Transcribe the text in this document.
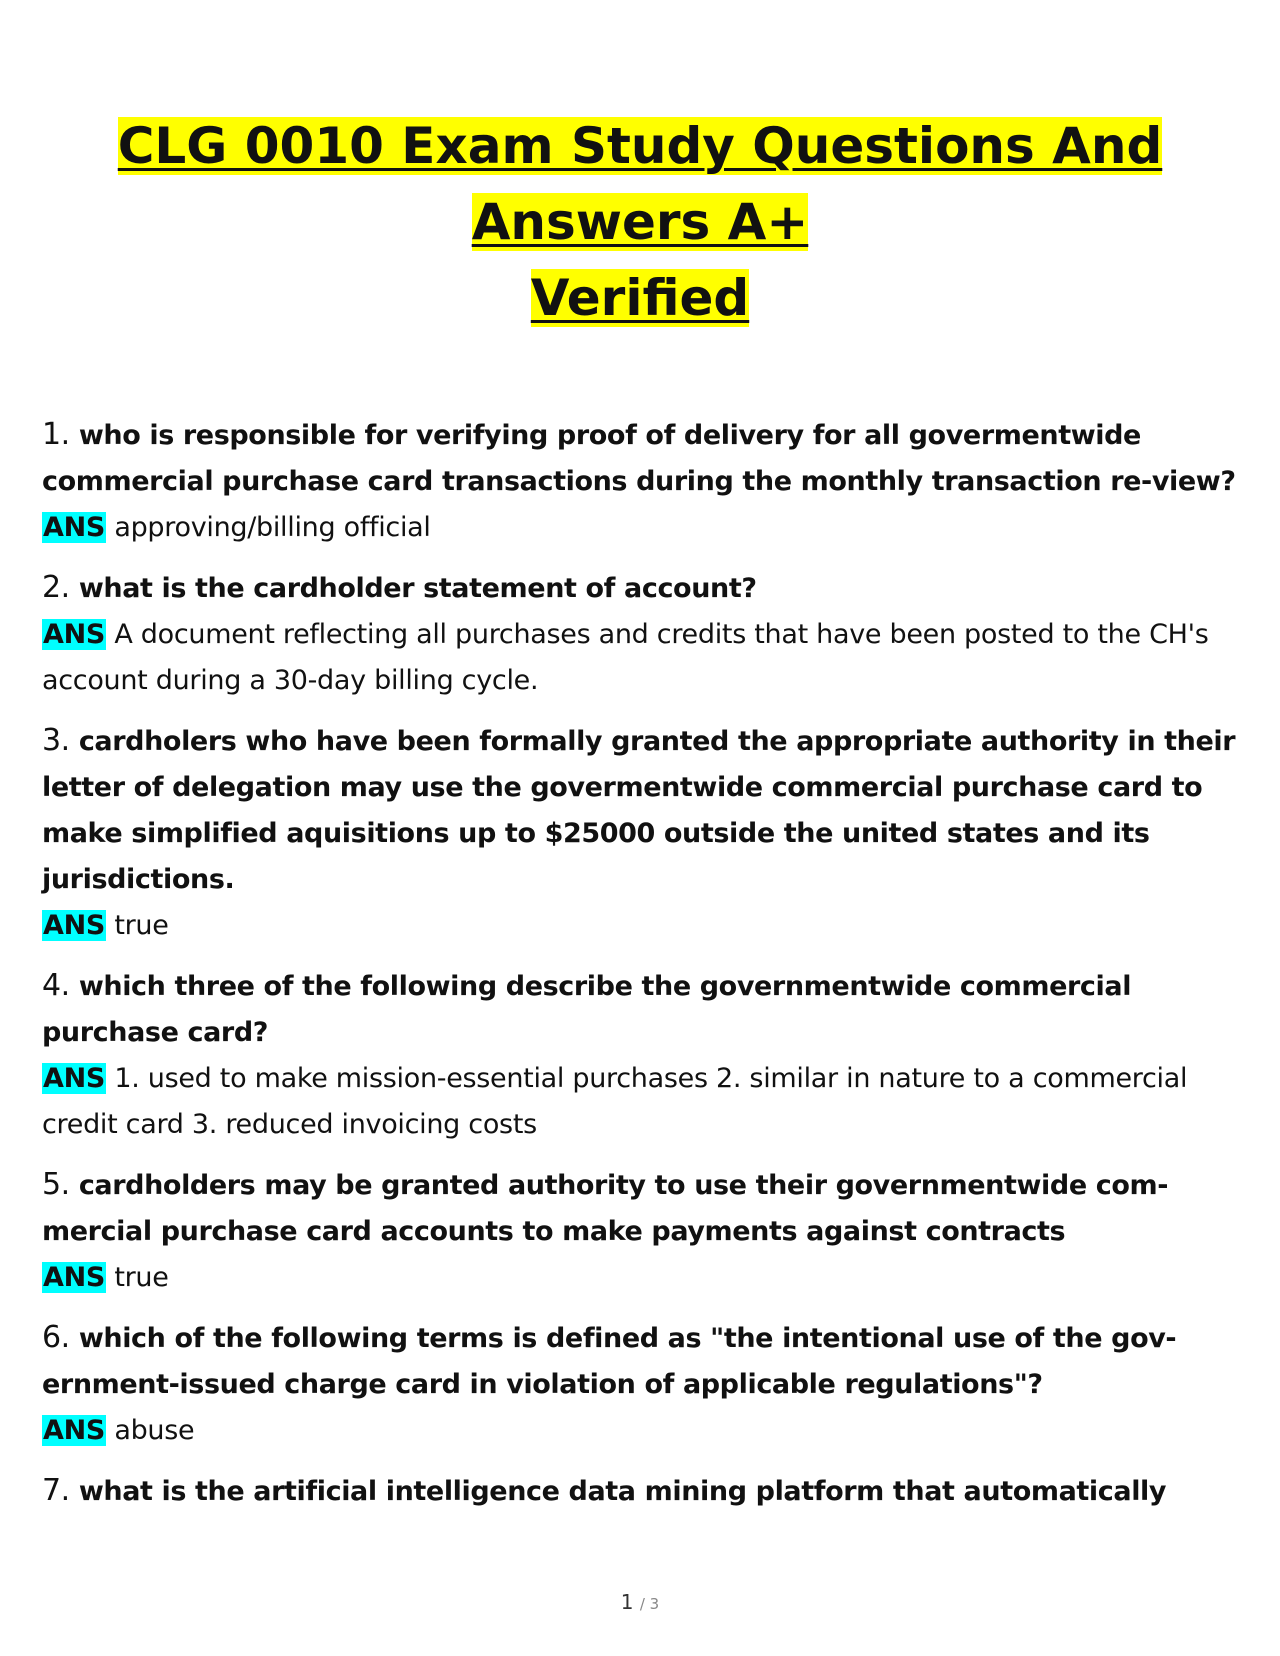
CLG 0010 Exam Study Questions And Answers A+
Verified
1. who is responsible for verifying proof of delivery for all govermentwide commercial purchase card transactions during the monthly transaction re-view?
ANS approving/billing official
2. what is the cardholder statement of account?
ANS A document reflecting all purchases and credits that have been posted to the CH's account during a 30-day billing cycle.
3. cardholers who have been formally granted the appropriate authority in their letter of delegation may use the govermentwide commercial purchase card to make simplified aquisitions up to $25000 outside the united states and its jurisdictions.
ANS true
4. which three of the following describe the governmentwide commercial purchase card?
ANS 1. used to make mission-essential purchases 2. similar in nature to a commercial credit card 3. reduced invoicing costs
5. cardholders may be granted authority to use their governmentwide com-mercial purchase card accounts to make payments against contracts
ANS true
6. which of the following terms is defined as "the intentional use of the gov-ernment-issued charge card in violation of applicable regulations"?
ANS abuse
7. what is the artificial intelligence data mining platform that automatically
1 / 3
